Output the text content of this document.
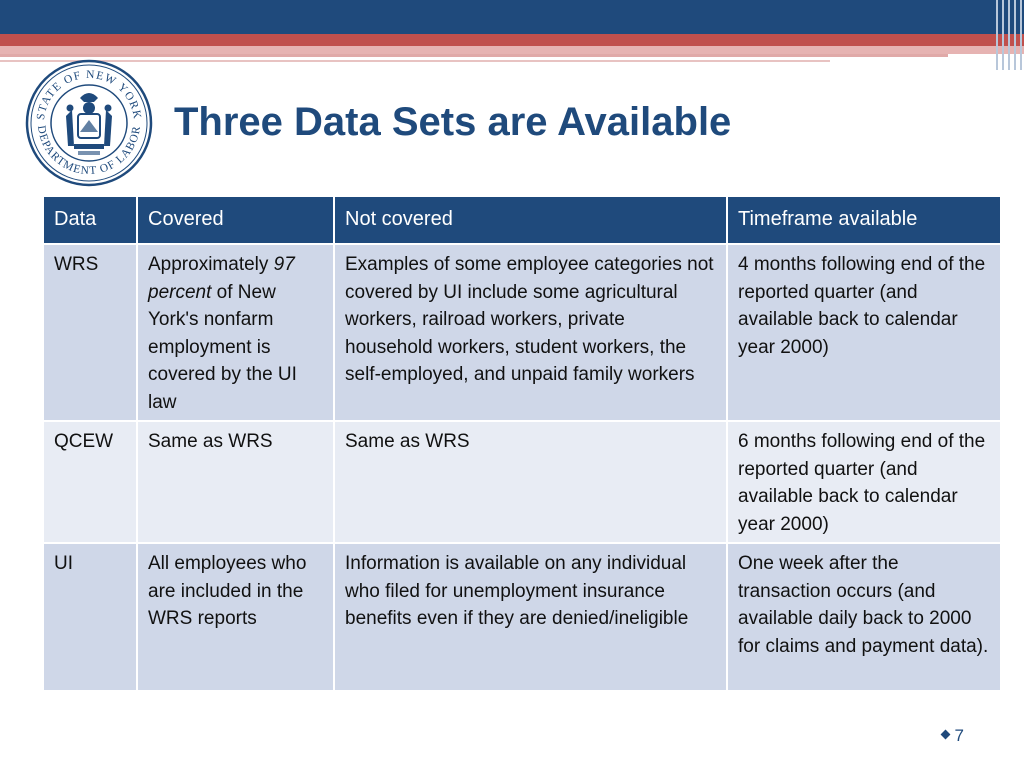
STATE OF NEW YORK
DEPARTMENT OF LABOR Three Data Sets are Available
Data	Covered	Not covered	Timeframe available
WRS	Approximately 97 percent of New York's nonfarm employment is covered by the UI law	Examples of some employee categories not covered by UI include some agricultural workers, railroad workers, private household workers, student workers, the self-employed, and unpaid family workers	4 months following end of the reported quarter (and available back to calendar year 2000)
QCEW	Same as WRS	Same as WRS	6 months following end of the reported quarter (and available back to calendar year 2000)
UI	All employees who are included in the WRS reports	Information is available on any individual who filed for unemployment insurance benefits even if they are denied/ineligible	One week after the transaction occurs (and available daily back to 2000 for claims and payment data).
7
